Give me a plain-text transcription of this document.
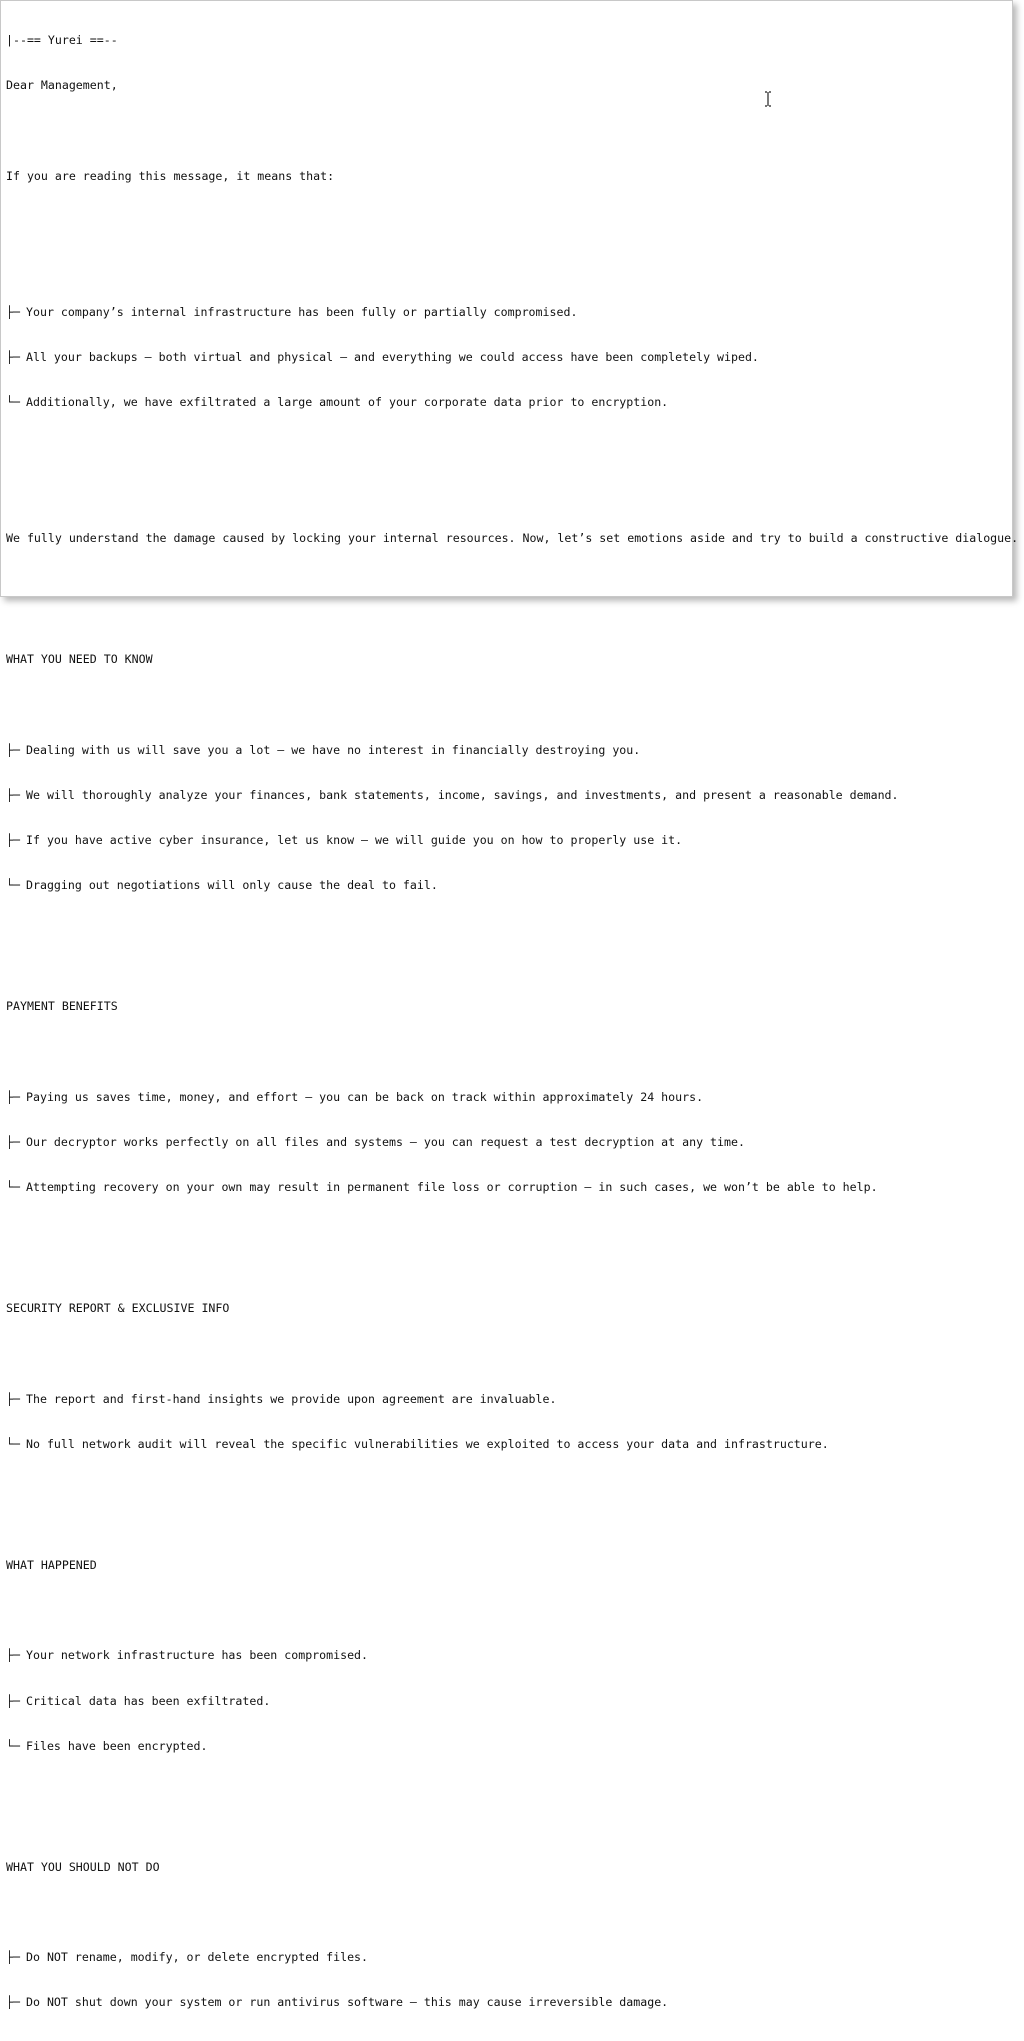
|--== Yurei ==--

Dear Management,

If you are reading this message, it means that:

├─ Your company’s internal infrastructure has been fully or partially compromised.

├─ All your backups — both virtual and physical — and everything we could access have been completely wiped.

└─ Additionally, we have exfiltrated a large amount of your corporate data prior to encryption.

We fully understand the damage caused by locking your internal resources. Now, let’s set emotions aside and try to build a constructive dialogue.

WHAT YOU NEED TO KNOW

├─ Dealing with us will save you a lot — we have no interest in financially destroying you.

├─ We will thoroughly analyze your finances, bank statements, income, savings, and investments, and present a reasonable demand.

├─ If you have active cyber insurance, let us know — we will guide you on how to properly use it.

└─ Dragging out negotiations will only cause the deal to fail.

PAYMENT BENEFITS

├─ Paying us saves time, money, and effort — you can be back on track within approximately 24 hours.

├─ Our decryptor works perfectly on all files and systems — you can request a test decryption at any time.

└─ Attempting recovery on your own may result in permanent file loss or corruption — in such cases, we won’t be able to help.

SECURITY REPORT & EXCLUSIVE INFO

├─ The report and first-hand insights we provide upon agreement are invaluable.

└─ No full network audit will reveal the specific vulnerabilities we exploited to access your data and infrastructure.

WHAT HAPPENED

├─ Your network infrastructure has been compromised.

├─ Critical data has been exfiltrated.

└─ Files have been encrypted.

WHAT YOU SHOULD NOT DO

├─ Do NOT rename, modify, or delete encrypted files.

├─ Do NOT shut down your system or run antivirus software — this may cause irreversible damage.
